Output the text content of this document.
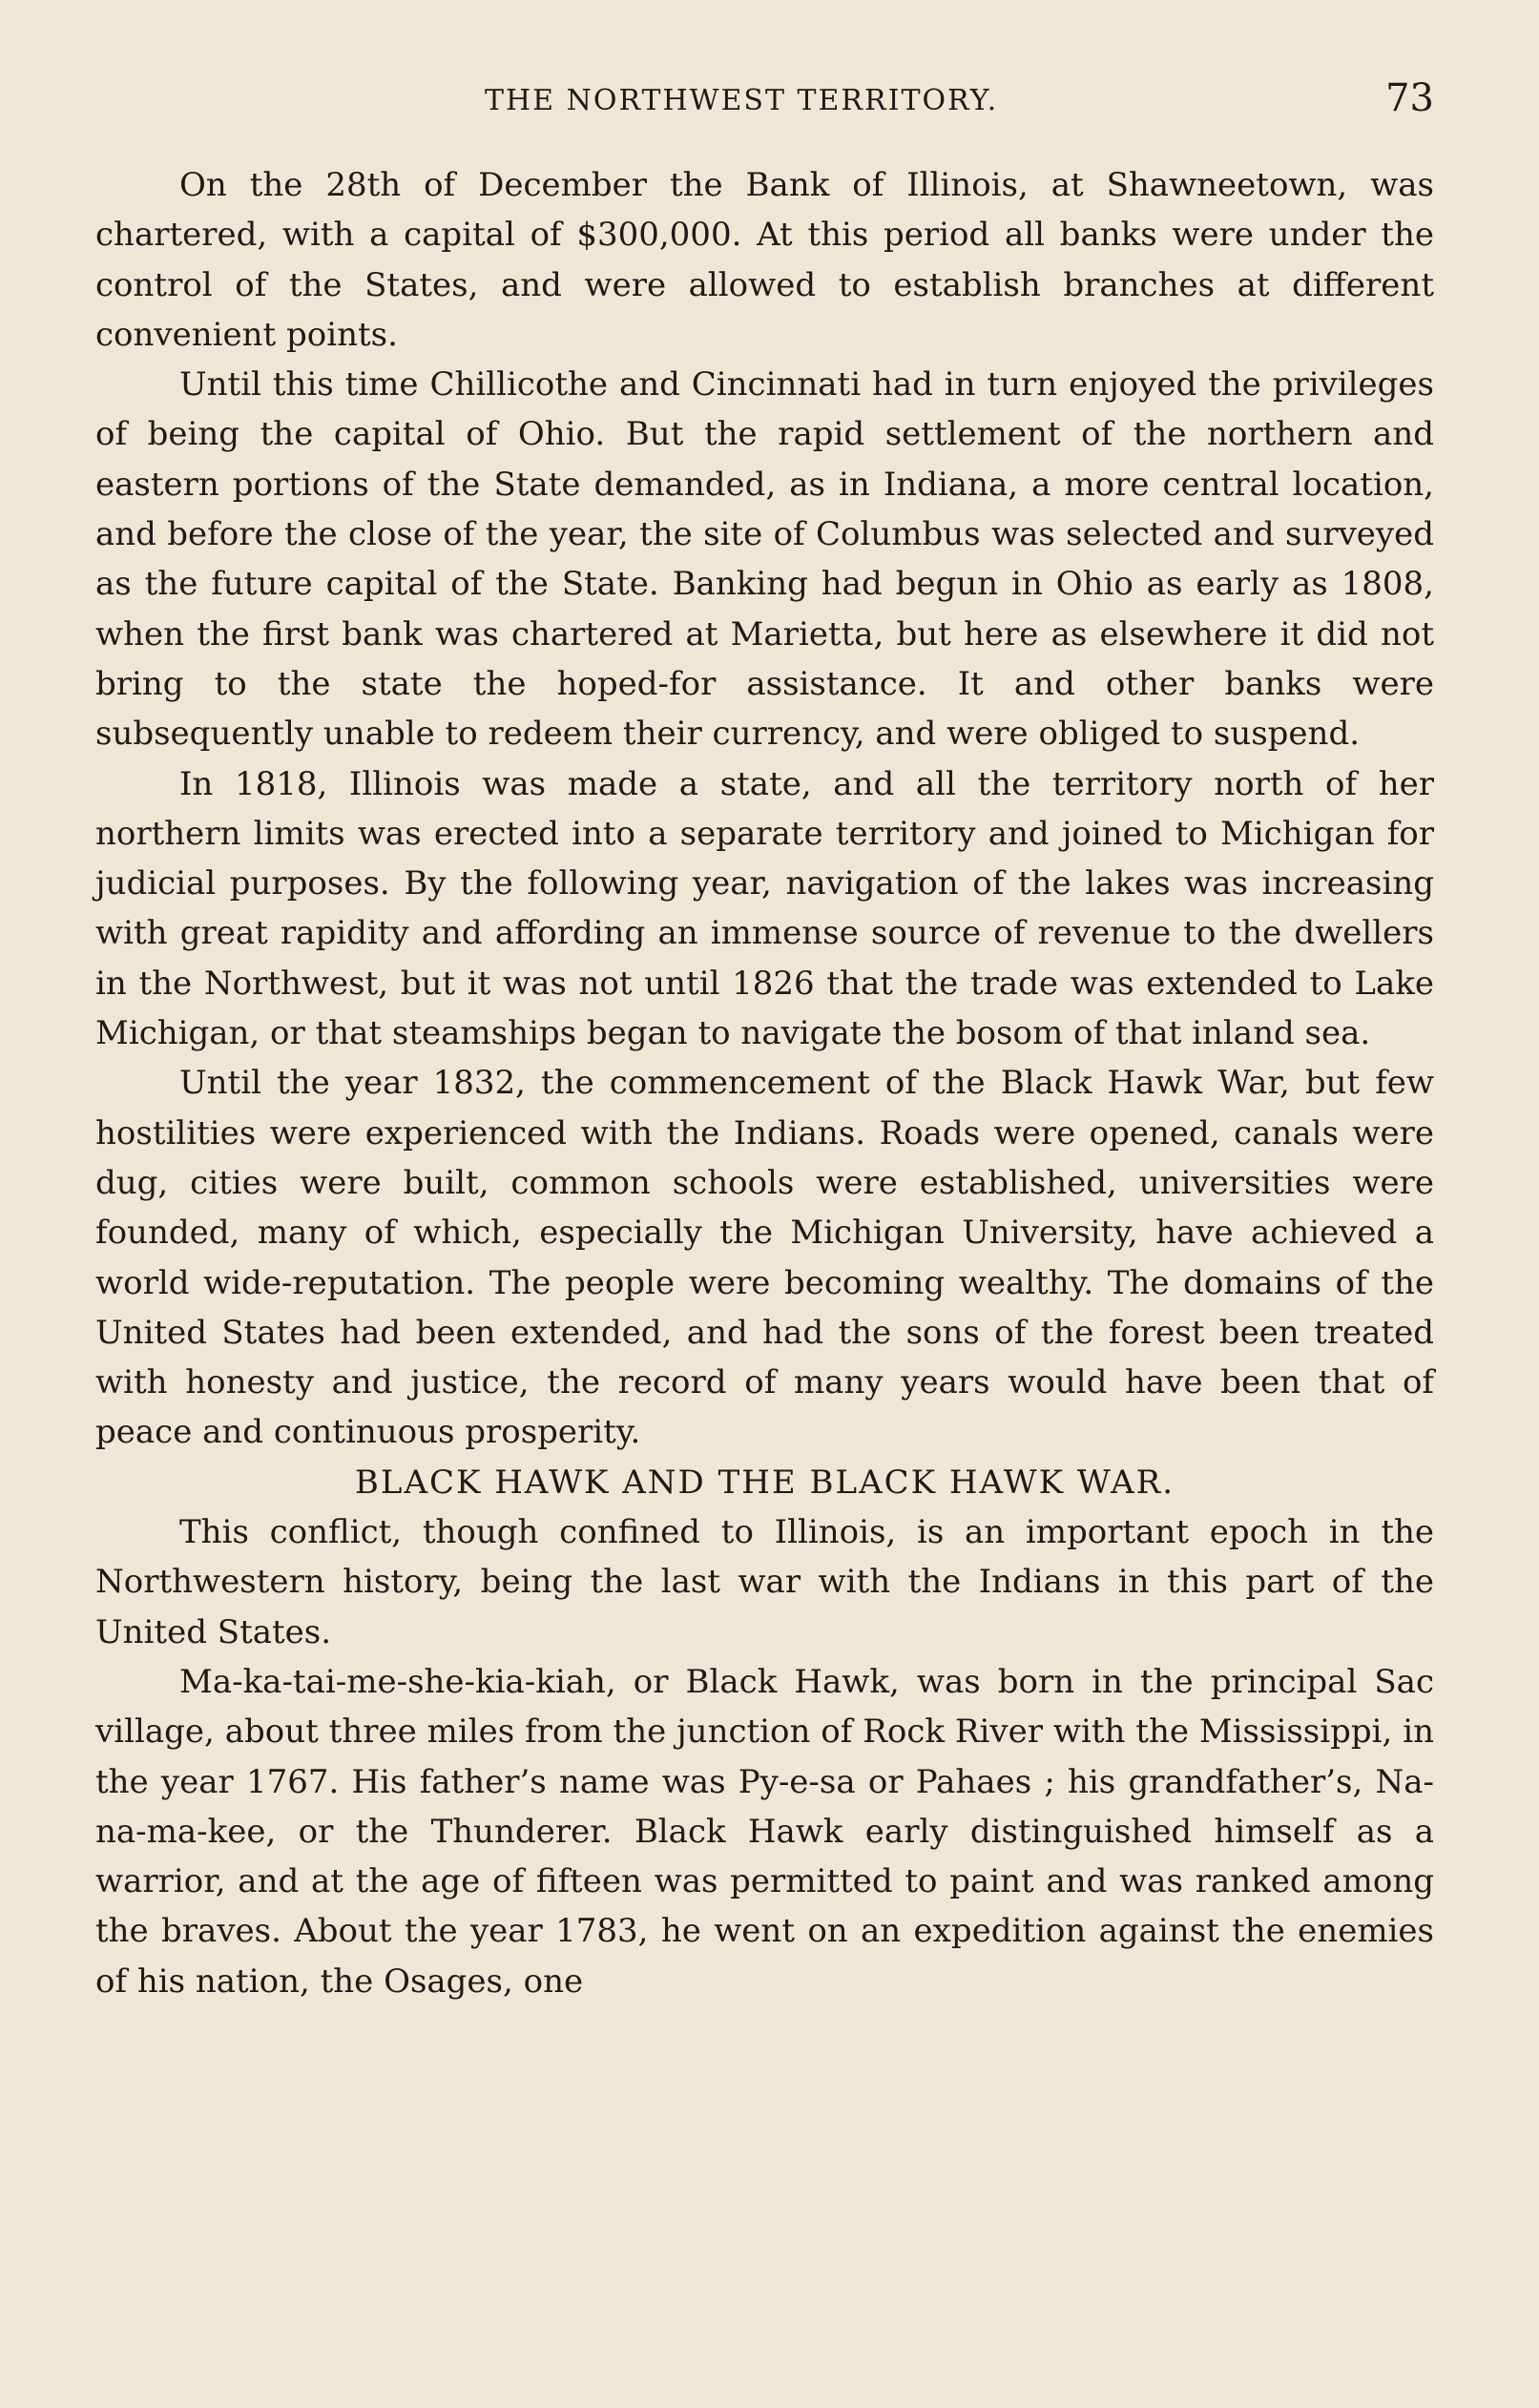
THE NORTHWEST TERRITORY.	73

On the 28th of December the Bank of Illinois, at Shawneetown, was chartered, with a capital of $300,000. At this period all banks were under the control of the States, and were allowed to establish branches at different convenient points.

Until this time Chillicothe and Cincinnati had in turn enjoyed the privileges of being the capital of Ohio. But the rapid settlement of the northern and eastern portions of the State demanded, as in Indiana, a more central location, and before the close of the year, the site of Columbus was selected and surveyed as the future capital of the State. Banking had begun in Ohio as early as 1808, when the first bank was chartered at Marietta, but here as elsewhere it did not bring to the state the hoped-for assistance. It and other banks were subsequently unable to redeem their currency, and were obliged to suspend.

In 1818, Illinois was made a state, and all the territory north of her northern limits was erected into a separate territory and joined to Michigan for judicial purposes. By the following year, navigation of the lakes was increasing with great rapidity and affording an immense source of revenue to the dwellers in the Northwest, but it was not until 1826 that the trade was extended to Lake Michigan, or that steamships began to navigate the bosom of that inland sea.

Until the year 1832, the commencement of the Black Hawk War, but few hostilities were experienced with the Indians. Roads were opened, canals were dug, cities were built, common schools were established, universities were founded, many of which, especially the Michigan University, have achieved a world wide-reputation. The people were becoming wealthy. The domains of the United States had been extended, and had the sons of the forest been treated with honesty and justice, the record of many years would have been that of peace and continuous prosperity.

BLACK HAWK AND THE BLACK HAWK WAR.

This conflict, though confined to Illinois, is an important epoch in the Northwestern history, being the last war with the Indians in this part of the United States.

Ma-ka-tai-me-she-kia-kiah, or Black Hawk, was born in the principal Sac village, about three miles from the junction of Rock River with the Mississippi, in the year 1767. His father’s name was Py-e-sa or Pahaes ; his grandfather’s, Na-na-ma-kee, or the Thunderer. Black Hawk early distinguished himself as a warrior, and at the age of fifteen was permitted to paint and was ranked among the braves. About the year 1783, he went on an expedition against the enemies of his nation, the Osages, one
